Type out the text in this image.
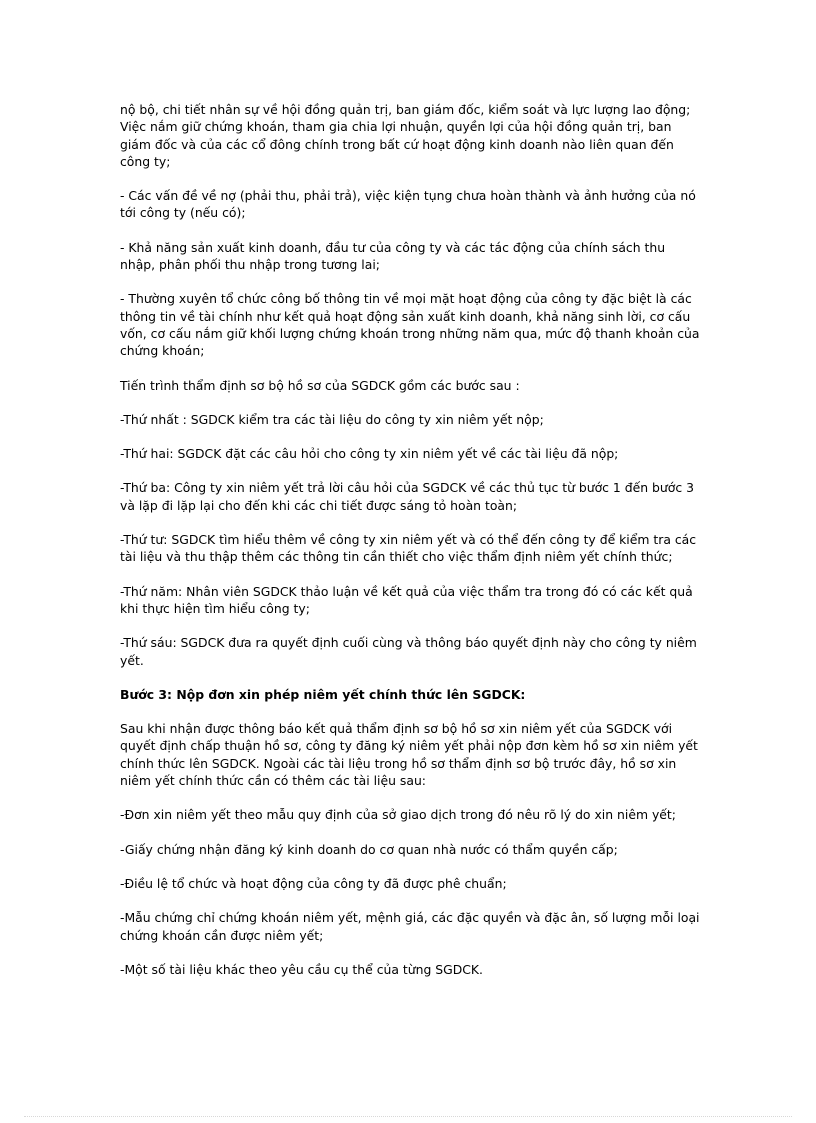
nộ bộ, chi tiết nhân sự về hội đồng quản trị, ban giám đốc, kiểm soát và lực lượng lao động; Việc nắm giữ chứng khoán, tham gia chia lợi nhuận, quyền lợi của hội đồng quản trị, ban giám đốc và của các cổ đông chính trong bất cứ hoạt động kinh doanh nào liên quan đến công ty;

- Các vấn đề về nợ (phải thu, phải trả), việc kiện tụng chưa hoàn thành và ảnh hưởng của nó tới công ty (nếu có);

- Khả năng sản xuất kinh doanh, đầu tư của công ty và các tác động của chính sách thu nhập, phân phối thu nhập trong tương lai;

- Thường xuyên tổ chức công bố thông tin về mọi mặt hoạt động của công ty đặc biệt là các thông tin về tài chính như kết quả hoạt động sản xuất kinh doanh, khả năng sinh lời, cơ cấu vốn, cơ cấu nắm giữ khối lượng chứng khoán trong những năm qua, mức độ thanh khoản của chứng khoán;

Tiến trình thẩm định sơ bộ hồ sơ của SGDCK gồm các bước sau :

-Thứ nhất : SGDCK kiểm tra các tài liệu do công ty xin niêm yết nộp;

-Thứ hai: SGDCK đặt các câu hỏi cho công ty xin niêm yết về các tài liệu đã nộp;

-Thứ ba: Công ty xin niêm yết trả lời câu hỏi của SGDCK về các thủ tục từ bước 1 đến bước 3 và lặp đi lặp lại cho đến khi các chi tiết được sáng tỏ hoàn toàn;

-Thứ tư: SGDCK tìm hiểu thêm về công ty xin niêm yết và có thể đến công ty để kiểm tra các tài liệu và thu thập thêm các thông tin cần thiết cho việc thẩm định niêm yết chính thức;

-Thứ năm: Nhân viên SGDCK thảo luận về kết quả của việc thẩm tra trong đó có các kết quả khi thực hiện tìm hiểu công ty;

-Thứ sáu: SGDCK đưa ra quyết định cuối cùng và thông báo quyết định này cho công ty niêm yết.

Bước 3: Nộp đơn xin phép niêm yết chính thức lên SGDCK:

Sau khi nhận được thông báo kết quả thẩm định sơ bộ hồ sơ xin niêm yết của SGDCK với quyết định chấp thuận hồ sơ, công ty đăng ký niêm yết phải nộp đơn kèm hồ sơ xin niêm yết chính thức lên SGDCK. Ngoài các tài liệu trong hồ sơ thẩm định sơ bộ trước đây, hồ sơ xin niêm yết chính thức cần có thêm các tài liệu sau:

-Đơn xin niêm yết theo mẫu quy định của sở giao dịch trong đó nêu rõ lý do xin niêm yết;

-Giấy chứng nhận đăng ký kinh doanh do cơ quan nhà nước có thẩm quyền cấp;

-Điều lệ tổ chức và hoạt động của công ty đã được phê chuẩn;

-Mẫu chứng chỉ chứng khoán niêm yết, mệnh giá, các đặc quyền và đặc ân, số lượng mỗi loại chứng khoán cần được niêm yết;

-Một số tài liệu khác theo yêu cầu cụ thể của từng SGDCK.
